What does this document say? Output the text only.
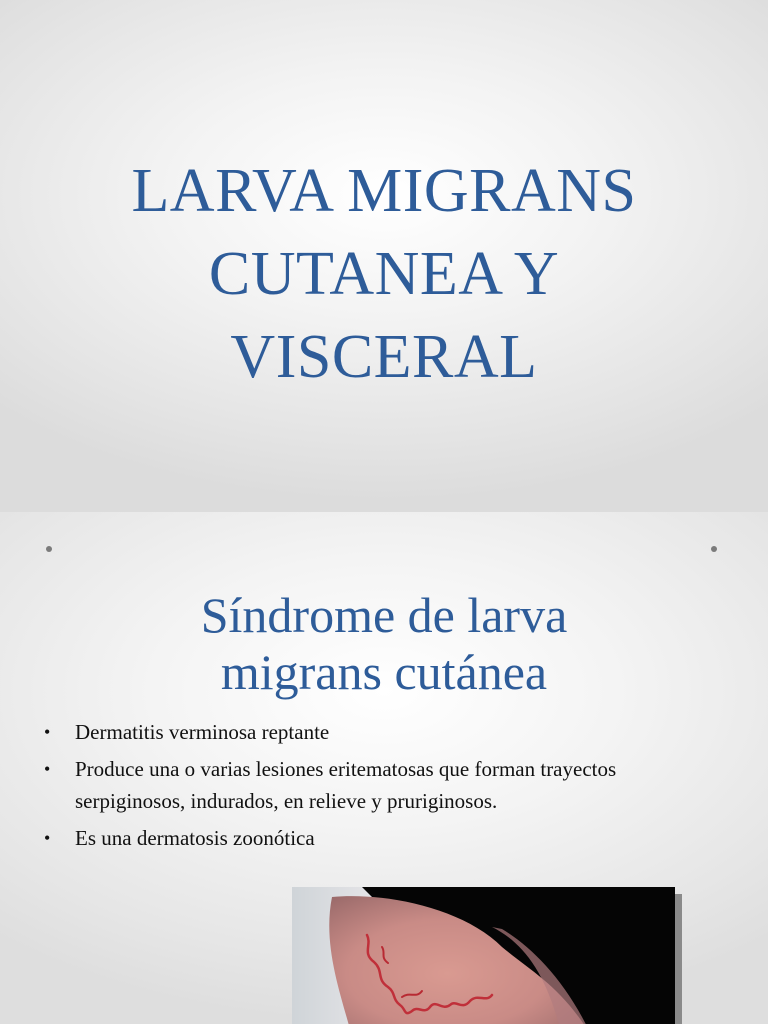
LARVA MIGRANS
CUTANEA Y
VISCERAL
Síndrome de larva
migrans cutánea
• Dermatitis verminosa reptante
• Produce una o varias lesiones eritematosas que forman trayectos serpiginosos, indurados, en relieve y pruriginosos.
• Es una dermatosis zoonótica
